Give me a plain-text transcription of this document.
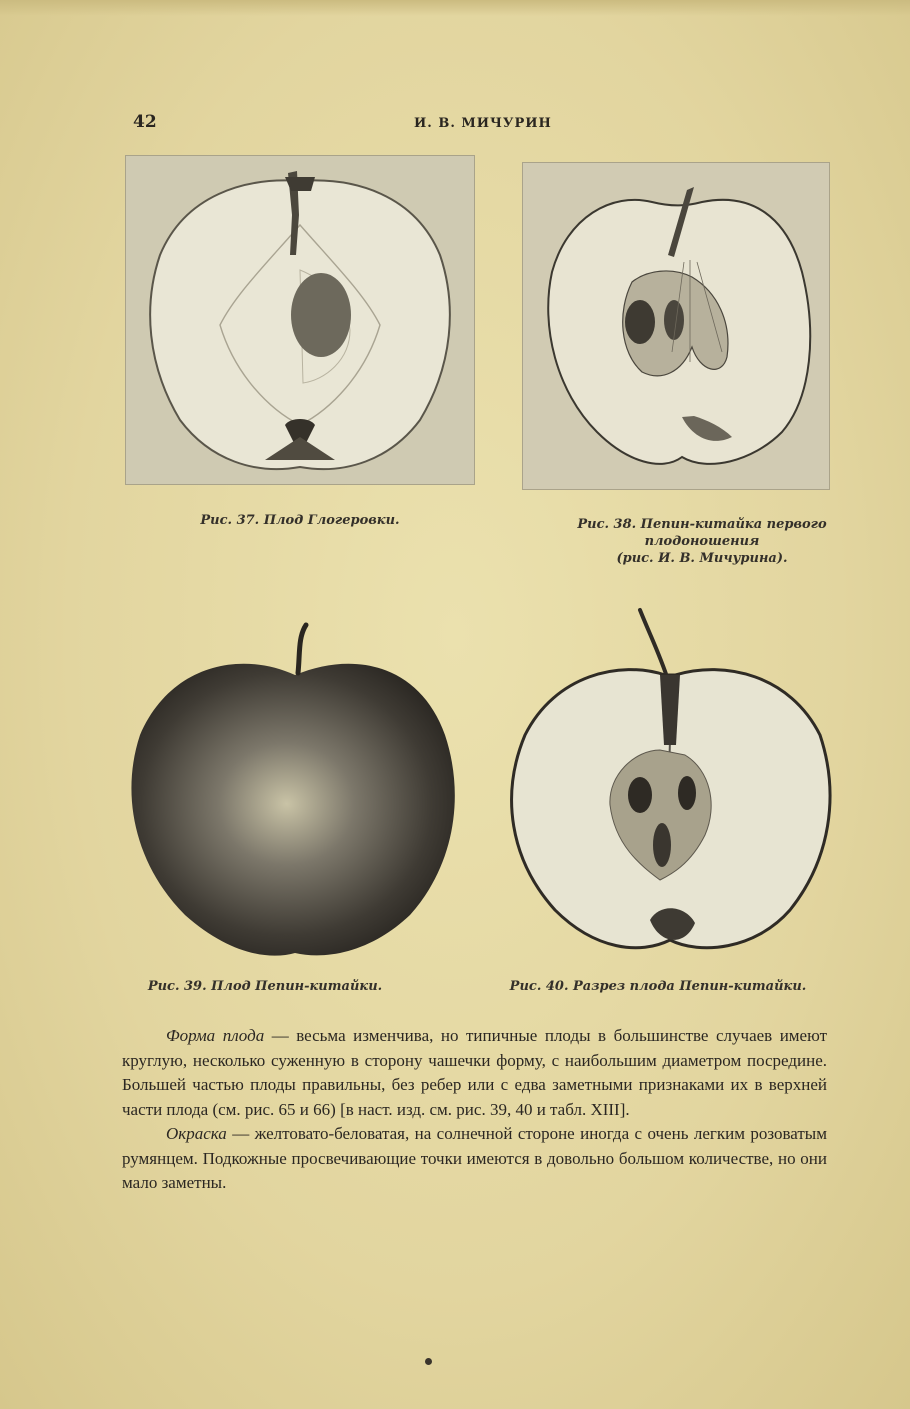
42	И. В. МИЧУРИН
Рис. 37. Плод Глогеровки.	Рис. 38. Пепин-китайка первого
плодоношения
(рис. И. В. Мичурина).
Рис. 39. Плод Пепин-китайки.	Рис. 40. Разрез плода Пепин-китайки.

Форма плода — весьма изменчива, но типичные плоды в большинстве случаев имеют круглую, несколько суженную в сторону чашечки форму, с наибольшим диаметром посредине. Большей частью плоды правильны, без ребер или с едва заметными признаками их в верхней части плода (см. рис. 65 и 66) [в наст. изд. см. рис. 39, 40 и табл. XIII].

Окраска — желтовато-беловатая, на солнечной стороне иногда с очень легким розоватым румянцем. Подкожные просвечивающие точки имеются в довольно большом количестве, но они мало заметны.
